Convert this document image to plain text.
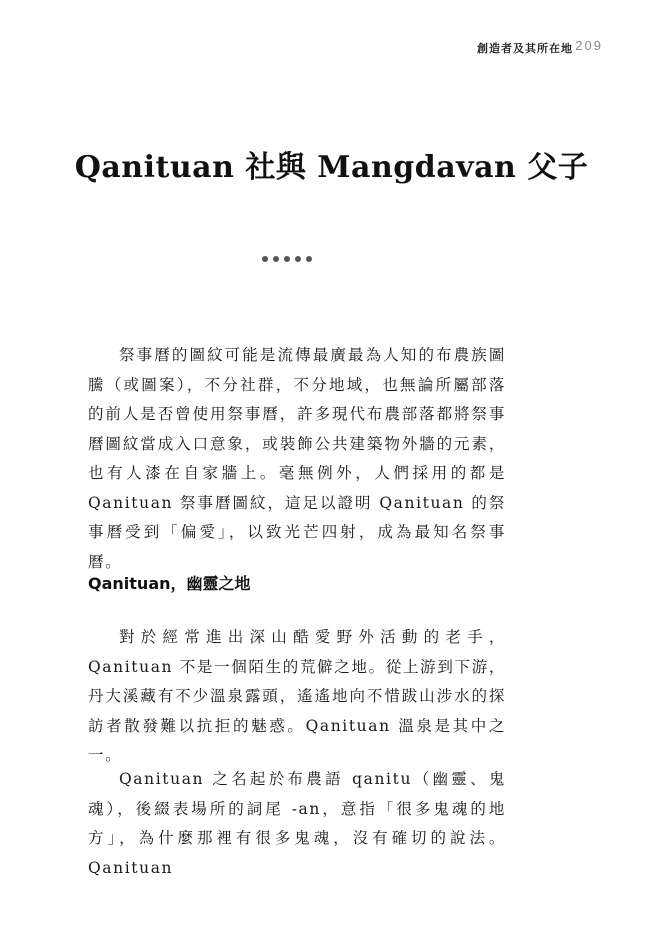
創造者及其所在地 209
Qanituan 社與 Mangdavan 父子

祭事曆的圖紋可能是流傳最廣最為人知的布農族圖騰（或圖案），不分社群，不分地域，也無論所屬部落的前人是否曾使用祭事曆，許多現代布農部落都將祭事曆圖紋當成入口意象，或裝飾公共建築物外牆的元素，也有人漆在自家牆上。毫無例外，人們採用的都是 Qanituan 祭事曆圖紋，這足以證明 Qanituan 的祭事曆受到「偏愛」，以致光芒四射，成為最知名祭事曆。

Qanituan，幽靈之地

對於經常進出深山酷愛野外活動的老手，Qanituan 不是一個陌生的荒僻之地。從上游到下游，丹大溪藏有不少溫泉露頭，遙遙地向不惜跋山涉水的探訪者散發難以抗拒的魅惑。Qanituan 溫泉是其中之一。

Qanituan 之名起於布農語 qanitu（幽靈、鬼魂），後綴表場所的詞尾 -an，意指「很多鬼魂的地方」，為什麼那裡有很多鬼魂，沒有確切的說法。Qanituan
